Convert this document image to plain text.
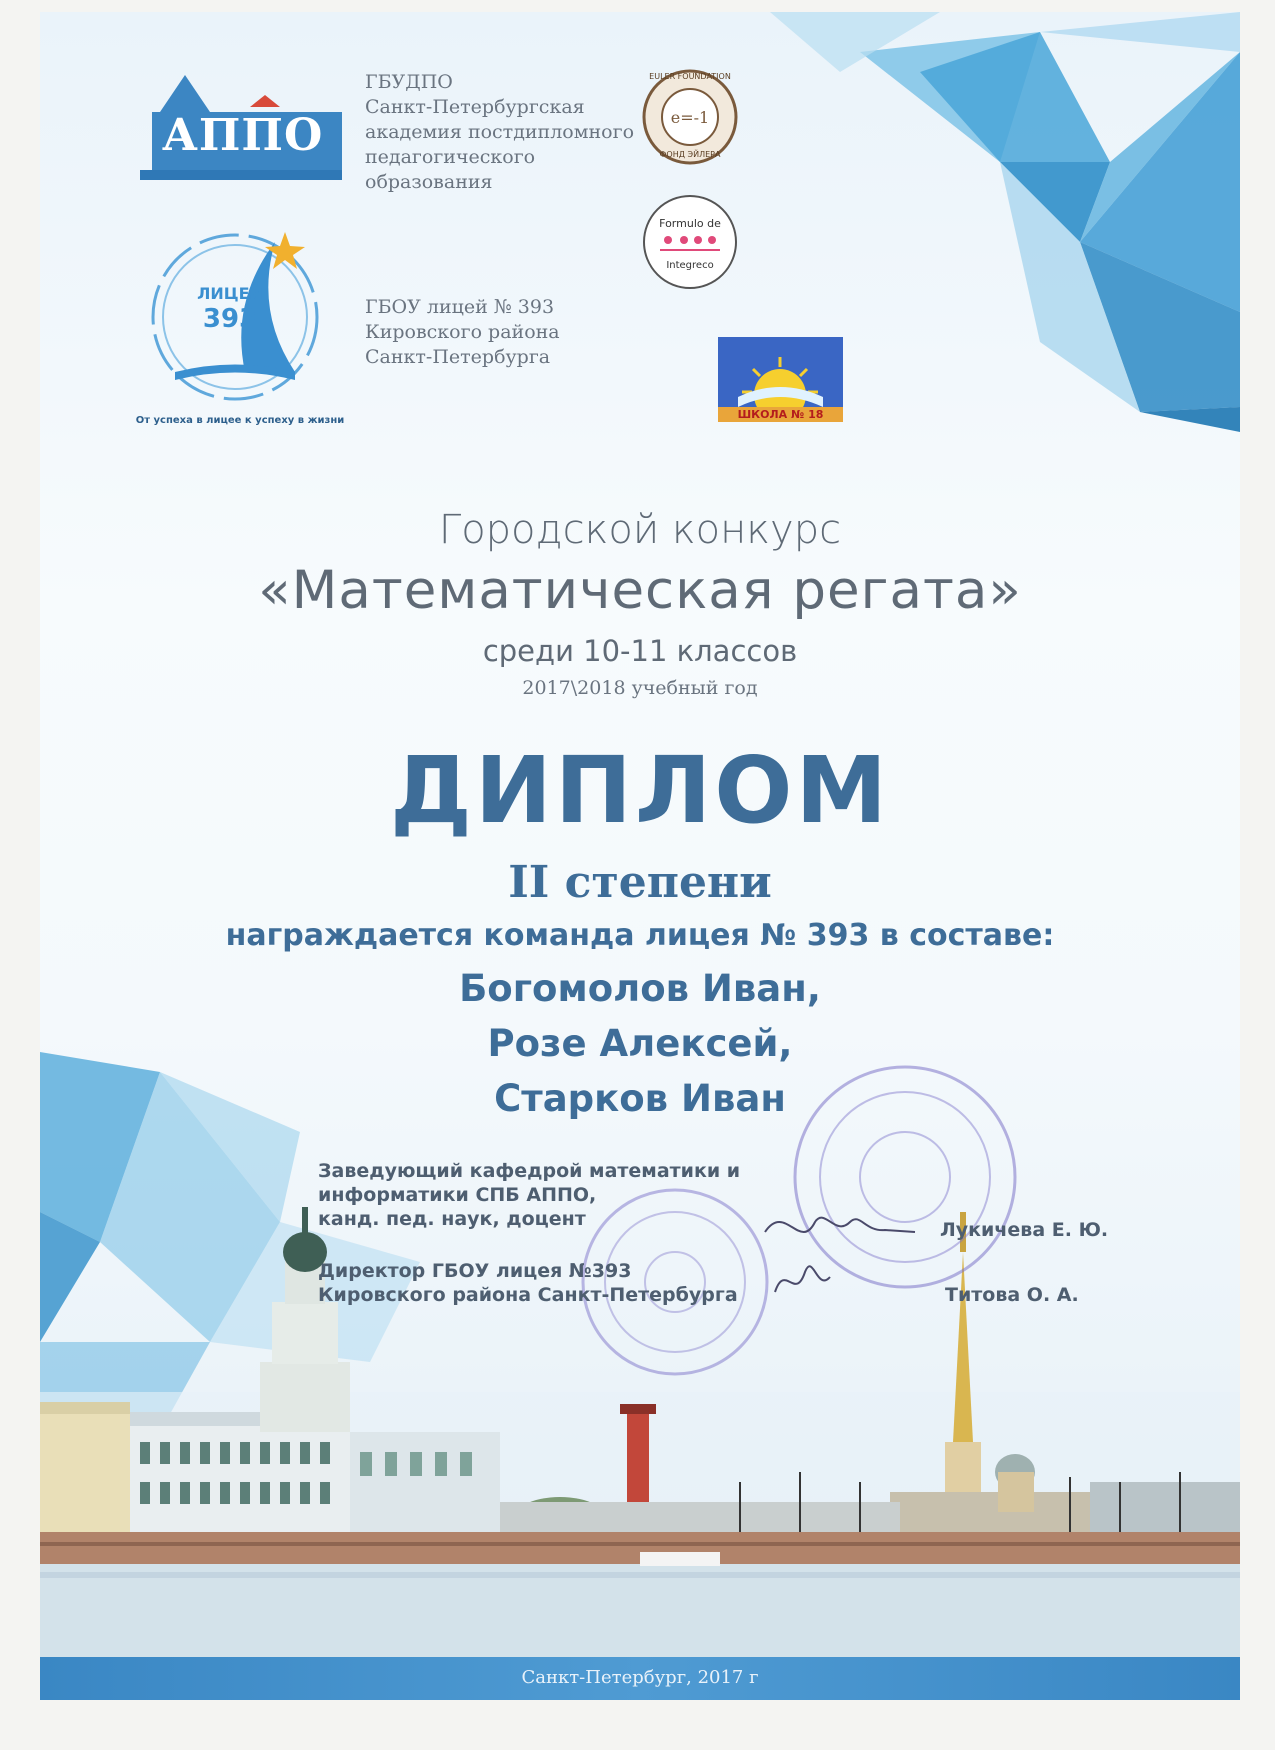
АППО
ГБУДПО
Санкт-Петербургская
академия постдипломного
педагогического
образования
e=-1
EULER FOUNDATION
ФОНД ЭЙЛЕРА
Formulo de
Integreco
ЛИЦЕЙ
393
От успеха в лицее к успеху в жизни
ГБОУ лицей № 393
Кировского района
Санкт-Петербурга
ШКОЛА № 18
Городской конкурс
«Математическая регата»
среди 10-11 классов
2017\2018 учебный год
ДИПЛОМ
II степени
награждается команда лицея № 393 в составе:
Богомолов Иван,
Розе Алексей,
Старков Иван
Заведующий кафедрой математики и
информатики СПБ АППО,
канд. пед. наук, доцент	Лукичева Е. Ю.
Директор ГБОУ лицея №393
Кировского района Санкт-Петербурга	Титова О. А.
Санкт-Петербург, 2017 г
